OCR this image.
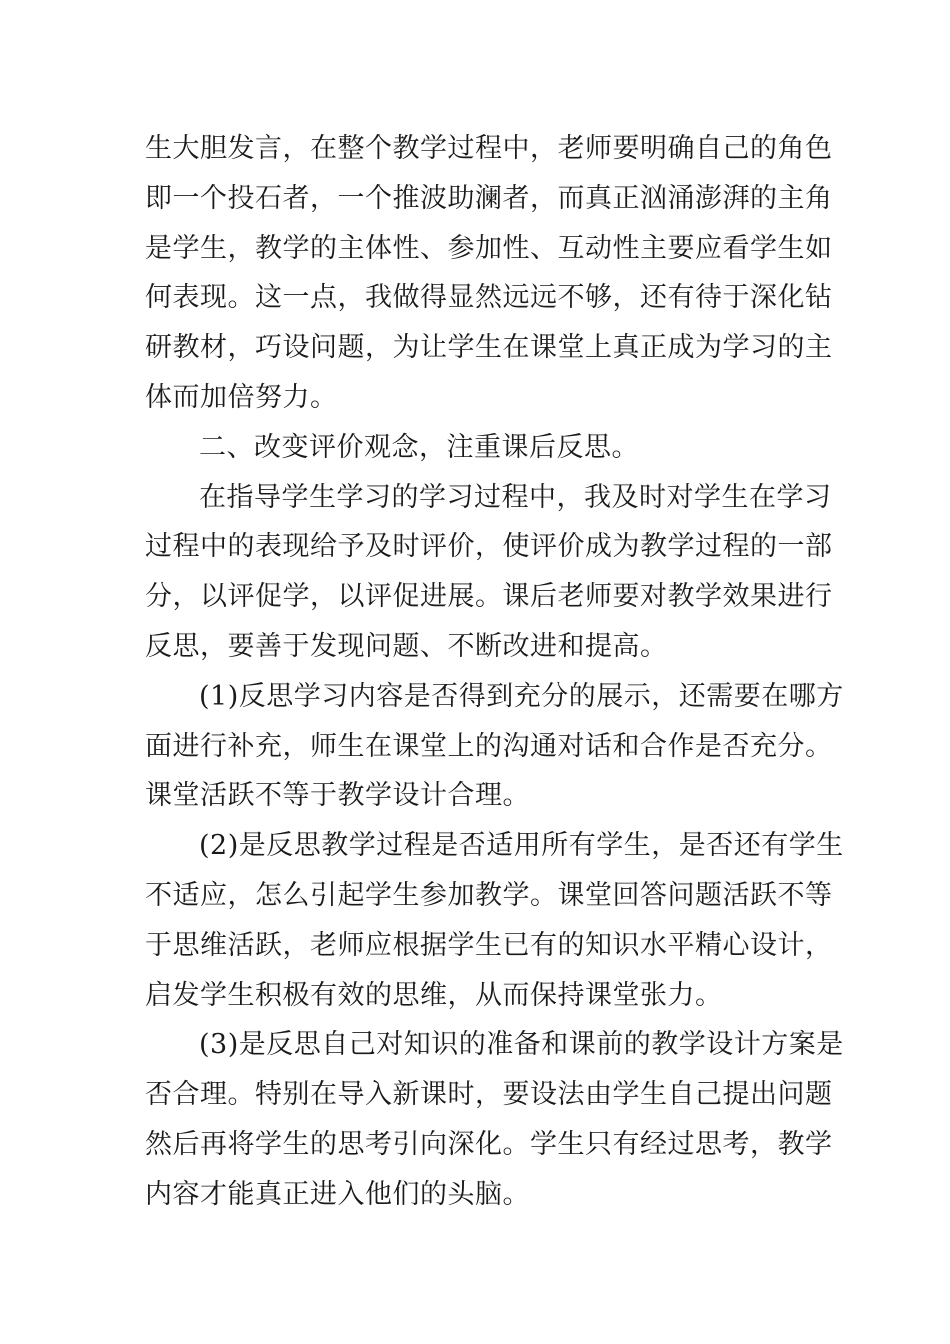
生大胆发言，在整个教学过程中，老师要明确自己的角色
即一个投石者，一个推波助澜者，而真正汹涌澎湃的主角
是学生，教学的主体性、参加性、互动性主要应看学生如
何表现。这一点，我做得显然远远不够，还有待于深化钻
研教材，巧设问题，为让学生在课堂上真正成为学习的主
体而加倍努力。
二、改变评价观念，注重课后反思。
在指导学生学习的学习过程中，我及时对学生在学习
过程中的表现给予及时评价，使评价成为教学过程的一部
分，以评促学，以评促进展。课后老师要对教学效果进行
反思，要善于发现问题、不断改进和提高。
(1)反思学习内容是否得到充分的展示，还需要在哪方
面进行补充，师生在课堂上的沟通对话和合作是否充分。
课堂活跃不等于教学设计合理。
(2)是反思教学过程是否适用所有学生，是否还有学生
不适应，怎么引起学生参加教学。课堂回答问题活跃不等
于思维活跃，老师应根据学生已有的知识水平精心设计，
启发学生积极有效的思维，从而保持课堂张力。
(3)是反思自己对知识的准备和课前的教学设计方案是
否合理。特别在导入新课时，要设法由学生自己提出问题
然后再将学生的思考引向深化。学生只有经过思考，教学
内容才能真正进入他们的头脑。
